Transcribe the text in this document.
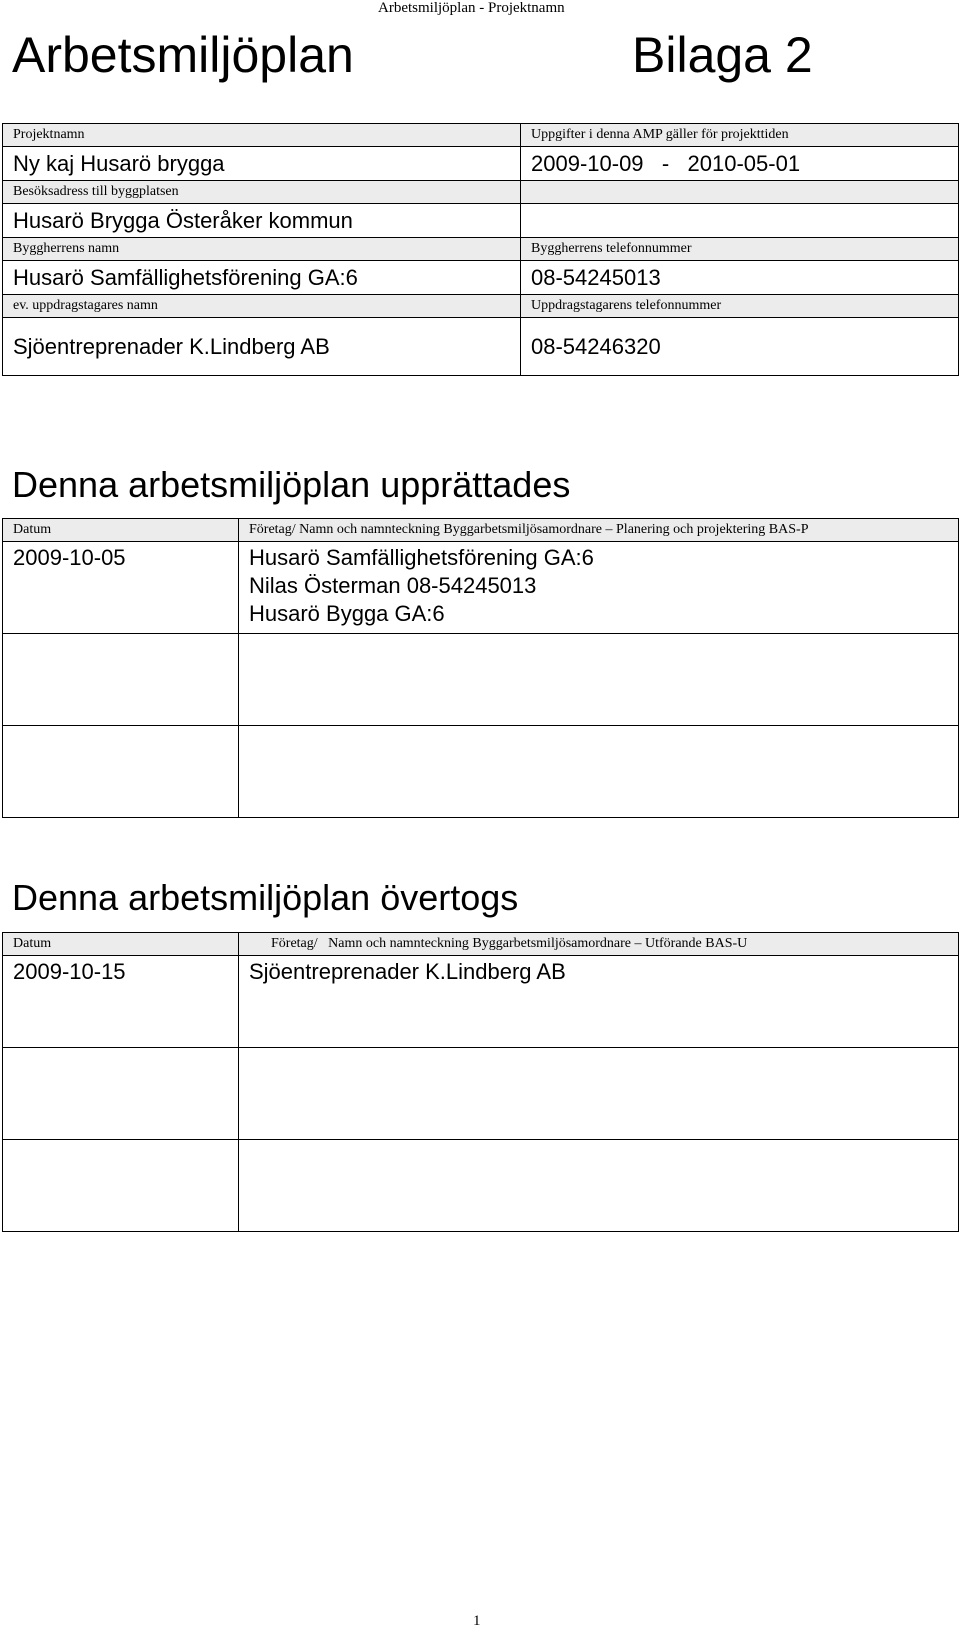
Arbetsmiljöplan - Projektnamn
Arbetsmiljöplan	Bilaga 2
Projektnamn	Uppgifter i denna AMP gäller för projekttiden
Ny kaj Husarö brygga	2009-10-09   -   2010-05-01
Besöksadress till byggplatsen	
Husarö Brygga Österåker kommun	
Byggherrens namn	Byggherrens telefonnummer
Husarö Samfällighetsförening GA:6	08-54245013
ev. uppdragstagares namn	Uppdragstagarens telefonnummer
Sjöentreprenader K.Lindberg AB	08-54246320
Denna arbetsmiljöplan upprättades
Datum	Företag/ Namn och namnteckning Byggarbetsmiljösamordnare – Planering och projektering BAS-P
2009-10-05	Husarö Samfällighetsförening GA:6
Nilas Österman 08-54245013
Husarö Bygga GA:6

Denna arbetsmiljöplan övertogs
Datum	Företag/   Namn och namnteckning Byggarbetsmiljösamordnare – Utförande BAS-U
2009-10-15	Sjöentreprenader K.Lindberg AB

1
